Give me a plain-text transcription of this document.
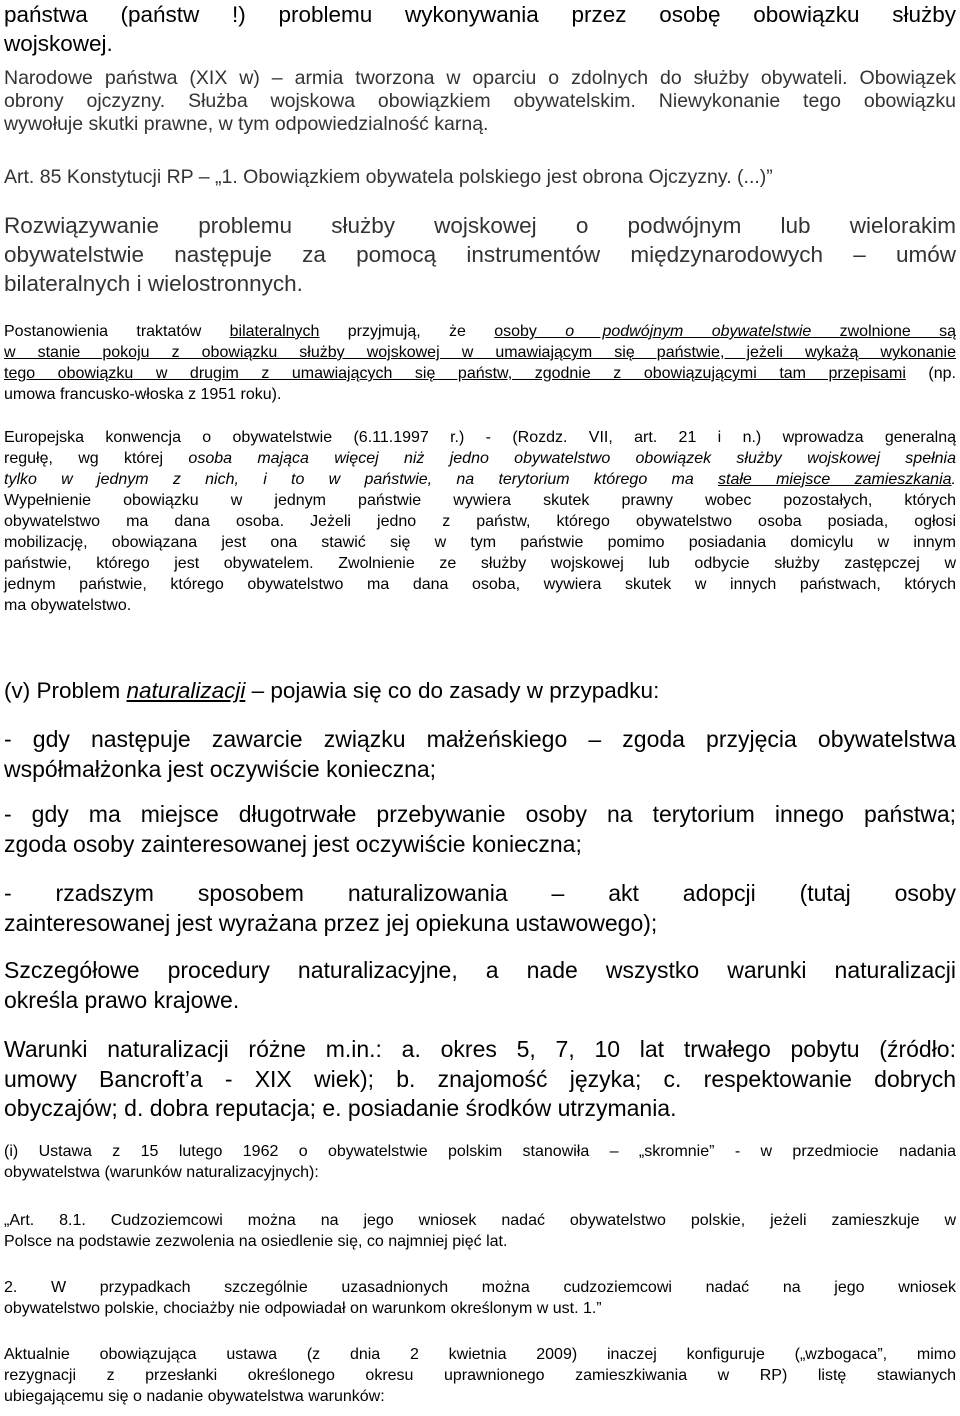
państwa (państw !) problemu wykonywania przez osobę obowiązku służby
wojskowej.

Narodowe państwa (XIX w) – armia tworzona w oparciu o zdolnych do służby obywateli. Obowiązek
obrony ojczyzny. Służba wojskowa obowiązkiem obywatelskim. Niewykonanie tego obowiązku
wywołuje skutki prawne, w tym odpowiedzialność karną.

Art. 85 Konstytucji RP – „1. Obowiązkiem obywatela polskiego jest obrona Ojczyzny. (...)”

Rozwiązywanie problemu służby wojskowej o podwójnym lub wielorakim
obywatelstwie następuje za pomocą instrumentów międzynarodowych – umów
bilateralnych i wielostronnych.

Postanowienia traktatów bilateralnych przyjmują, że osoby o podwójnym obywatelstwie zwolnione są
w stanie pokoju z obowiązku służby wojskowej w umawiającym się państwie, jeżeli wykażą wykonanie
tego obowiązku w drugim z umawiających się państw, zgodnie z obowiązującymi tam przepisami (np.
umowa francusko-włoska z 1951 roku).

Europejska konwencja o obywatelstwie (6.11.1997 r.) - (Rozdz. VII, art. 21 i n.) wprowadza generalną
regułę, wg której osoba mająca więcej niż jedno obywatelstwo obowiązek służby wojskowej spełnia
tylko w jednym z nich, i to w państwie, na terytorium którego ma stałe miejsce zamieszkania.
Wypełnienie obowiązku w jednym państwie wywiera skutek prawny wobec pozostałych, których
obywatelstwo ma dana osoba. Jeżeli jedno z państw, którego obywatelstwo osoba posiada, ogłosi
mobilizację, obowiązana jest ona stawić się w tym państwie pomimo posiadania domicylu w innym
państwie, którego jest obywatelem. Zwolnienie ze służby wojskowej lub odbycie służby zastępczej w
jednym państwie, którego obywatelstwo ma dana osoba, wywiera skutek w innych państwach, których
ma obywatelstwo.

(v) Problem naturalizacji – pojawia się co do zasady w przypadku:

- gdy następuje zawarcie związku małżeńskiego – zgoda przyjęcia obywatelstwa
współmałżonka jest oczywiście konieczna;

- gdy ma miejsce długotrwałe przebywanie osoby na terytorium innego państwa;
zgoda osoby zainteresowanej jest oczywiście konieczna;

- rzadszym sposobem naturalizowania – akt adopcji (tutaj osoby
zainteresowanej jest wyrażana przez jej opiekuna ustawowego);

Szczegółowe procedury naturalizacyjne, a nade wszystko warunki naturalizacji
określa prawo krajowe.

Warunki naturalizacji różne m.in.: a. okres 5, 7, 10 lat trwałego pobytu (źródło:
umowy Bancroft’a - XIX wiek); b. znajomość języka; c. respektowanie dobrych
obyczajów; d. dobra reputacja; e. posiadanie środków utrzymania.

(i) Ustawa z 15 lutego 1962 o obywatelstwie polskim stanowiła – „skromnie” - w przedmiocie nadania
obywatelstwa (warunków naturalizacyjnych):

„Art. 8.1. Cudzoziemcowi można na jego wniosek nadać obywatelstwo polskie, jeżeli zamieszkuje w
Polsce na podstawie zezwolenia na osiedlenie się, co najmniej pięć lat.

2. W przypadkach szczególnie uzasadnionych można cudzoziemcowi nadać na jego wniosek
obywatelstwo polskie, chociażby nie odpowiadał on warunkom określonym w ust. 1.”

Aktualnie obowiązująca ustawa (z dnia 2 kwietnia 2009) inaczej konfiguruje („wzbogaca”, mimo
rezygnacji z przesłanki określonego okresu uprawnionego zamieszkiwania w RP) listę stawianych
ubiegającemu się o nadanie obywatelstwa warunków:
